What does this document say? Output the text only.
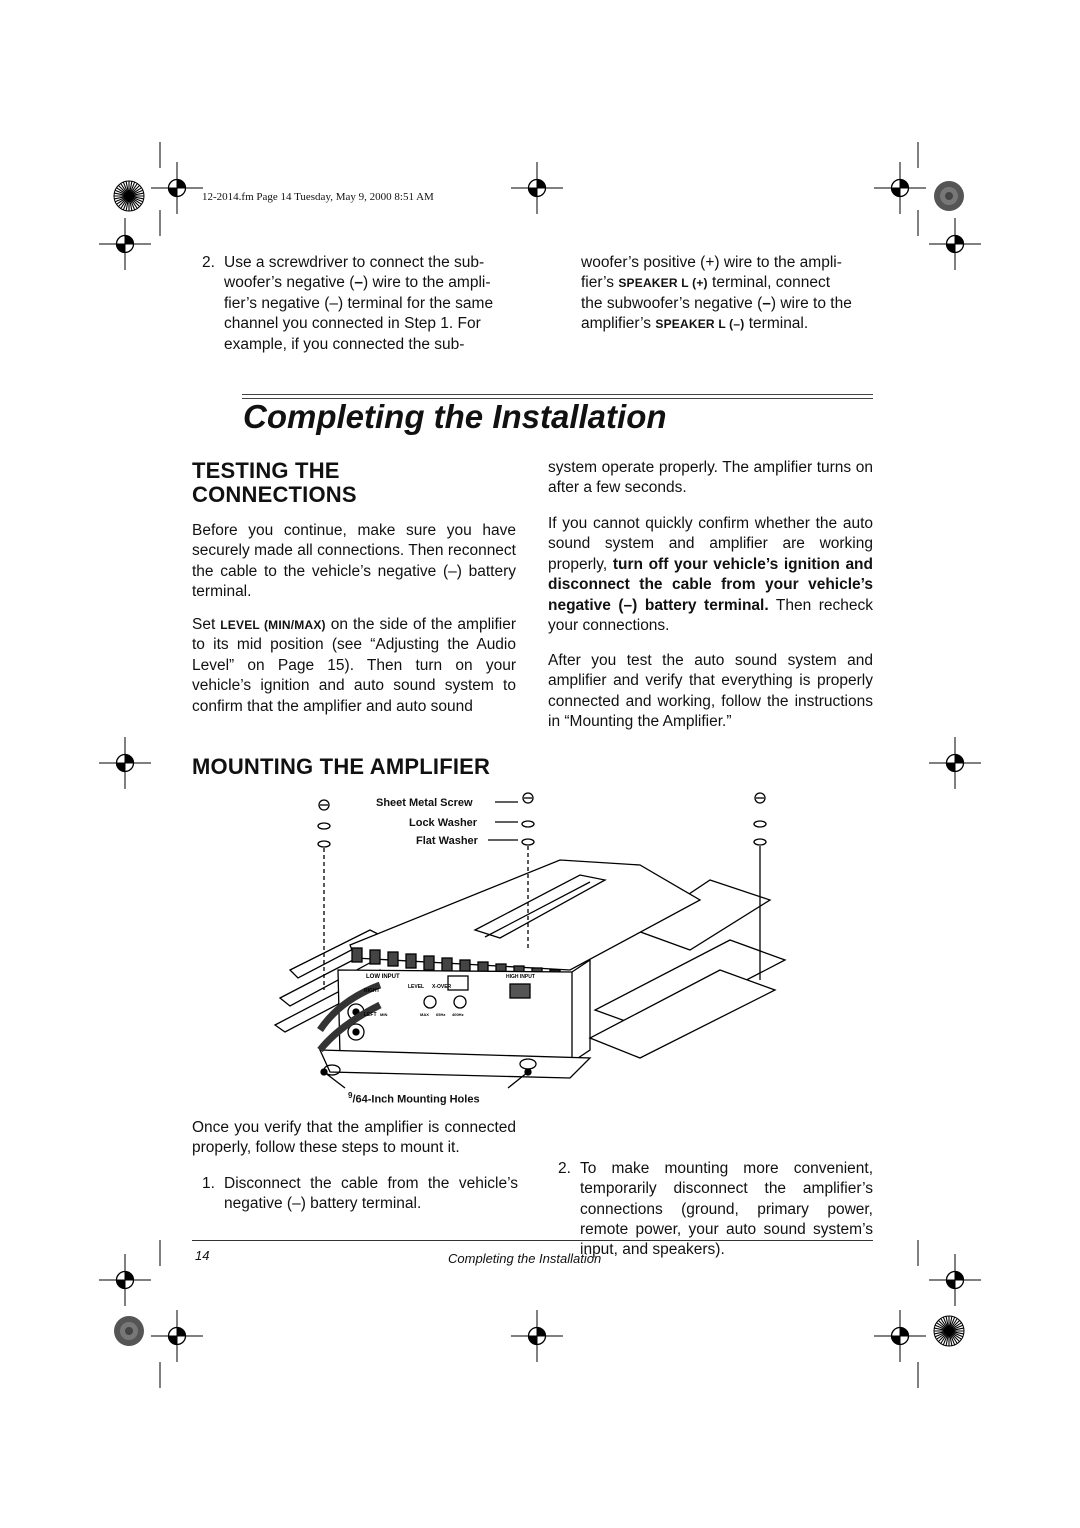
12-2014.fm Page 14 Tuesday, May 9, 2000 8:51 AM
2. Use a screwdriver to connect the sub-
woofer’s negative (–) wire to the ampli-
fier’s negative (–) terminal for the same
channel you connected in Step 1. For
example, if you connected the sub-
woofer’s positive (+) wire to the ampli-
fier’s SPEAKER L (+) terminal, connect
the subwoofer’s negative (–) wire to the
amplifier’s SPEAKER L (–) terminal.
Completing the Installation
TESTING THE
CONNECTIONS

Before you continue, make sure you have securely made all connections. Then reconnect the cable to the vehicle’s negative (–) battery terminal.

Set LEVEL (MIN/MAX) on the side of the amplifier to its mid position (see “Adjusting the Audio Level” on Page 15). Then turn on your vehicle’s ignition and auto sound system to confirm that the amplifier and auto sound

system operate properly. The amplifier turns on after a few seconds.

If you cannot quickly confirm whether the auto sound system and amplifier are working properly, turn off your vehicle’s ignition and disconnect the cable from your vehicle’s negative (–) battery terminal. Then recheck your connections.

After you test the auto sound system and amplifier and verify that everything is properly connected and working, follow the instructions in “Mounting the Amplifier.”

MOUNTING THE AMPLIFIER
LOW INPUT	HIGH INPUT
RIGHT
LEFT
LEVEL X-OVER
MIN	MAX 65Hz 400Hz
Sheet Metal Screw
Lock Washer
Flat Washer
$^9$/64-Inch Mounting Holes

Once you verify that the amplifier is connected properly, follow these steps to mount it.

1. Disconnect the cable from the vehicle’s negative (–) battery terminal.
2. To make mounting more convenient, temporarily disconnect the amplifier’s connections (ground, primary power, remote power, your auto sound system’s input, and speakers).
14	Completing the Installation
